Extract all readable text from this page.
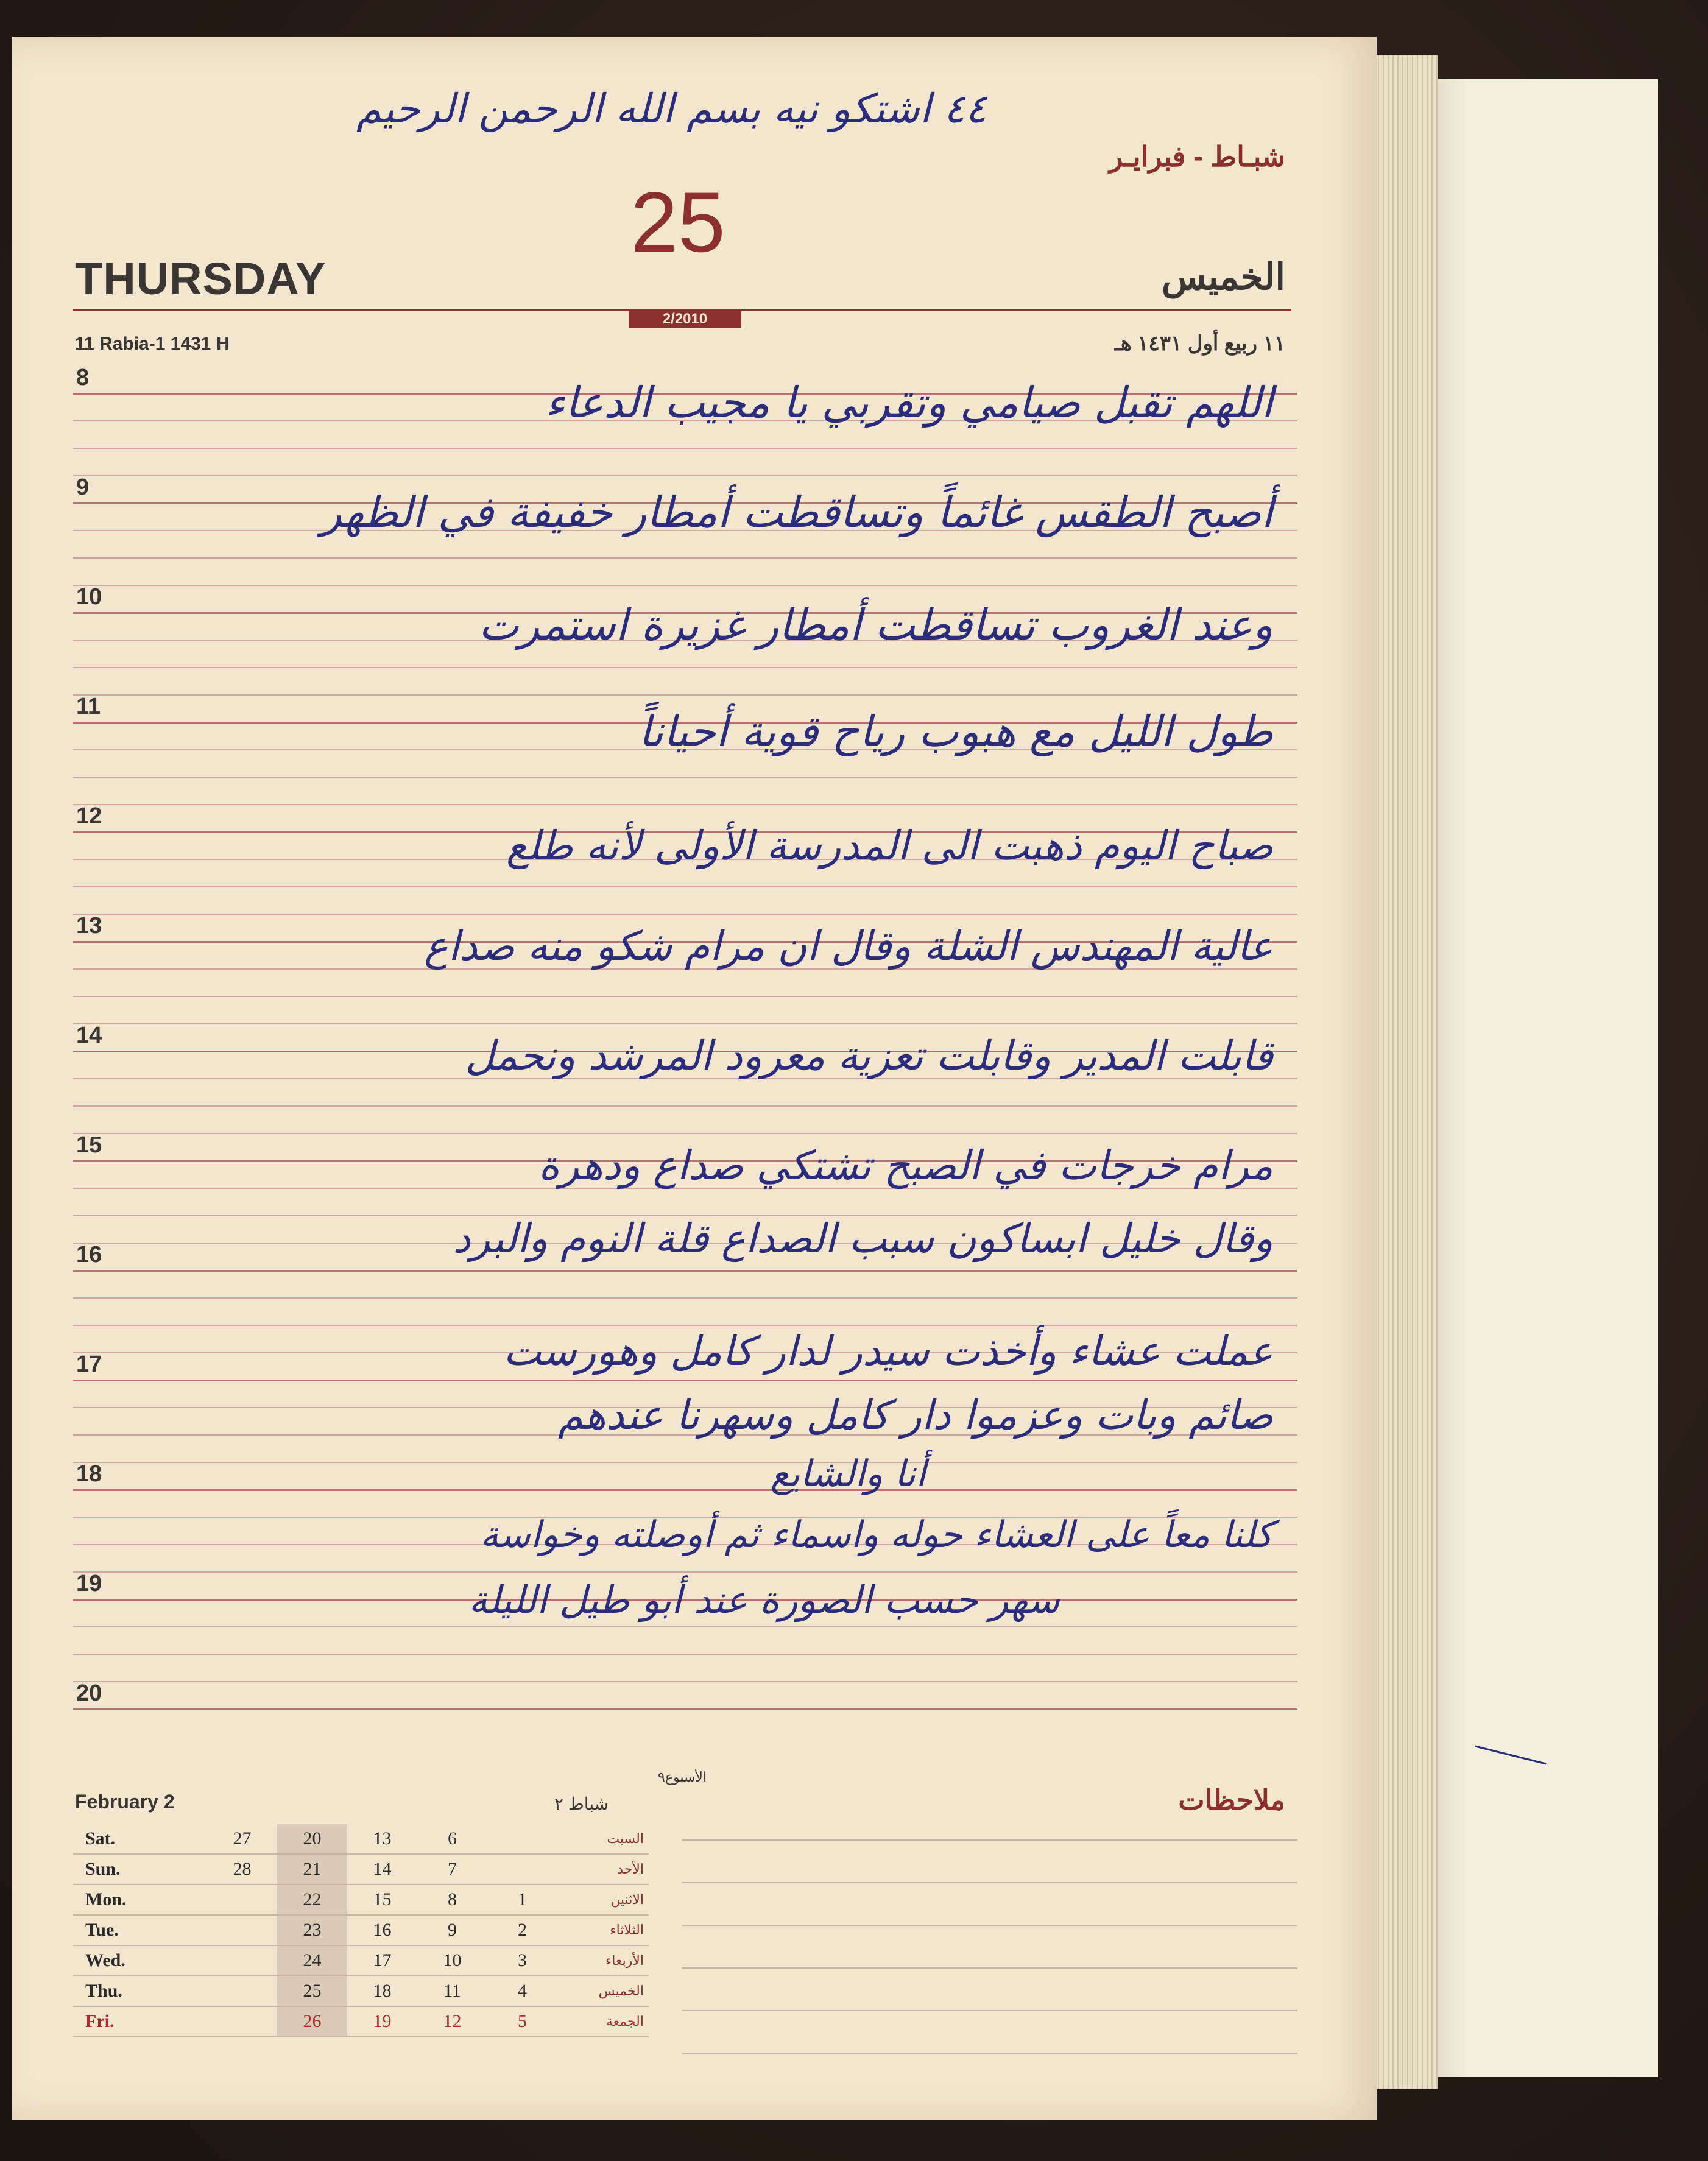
٤٤ اشتكو نيه بسم الله الرحمن الرحيم
شبـاط - فبرايـر
25
THURSDAY	الخميس
2/2010
11 Rabia-1 1431 H	١١ ربيع أول ١٤٣١ هـ
8
9
10
11
12
13
14
15
16
17
18
19
20
اللهم تقبل صيامي وتقربي يا مجيب الدعاء
أصبح الطقس غائماً وتساقطت أمطار خفيفة في الظهر
وعند الغروب تساقطت أمطار غزيرة استمرت
طول الليل مع هبوب رياح قوية أحياناً
صباح اليوم ذهبت الى المدرسة الأولى لأنه طلع
عالية المهندس الشلة وقال ان مرام شكو منه صداع
قابلت المدير وقابلت تعزية معرود المرشد ونحمل
مرام خرجات في الصبح تشتكي صداع ودهرة
وقال خليل ابساكون سبب الصداع قلة النوم والبرد
عملت عشاء وأخذت سيدر لدار كامل وهورست
صائم وبات وعزموا دار كامل وسهرنا عندهم
أنا والشايع
كلنا معاً على العشاء حوله واسماء ثم أوصلته وخواسة
سهر حسب الصورة عند أبو طيل الليلة
ملاحظات
February 2	شباط ٢
الأسبوع٩
Sat.	27	20	13	6		السبت
Sun.	28	21	14	7		الأحد
Mon.		22	15	8	1	الاثنين
Tue.		23	16	9	2	الثلاثاء
Wed.		24	17	10	3	الأربعاء
Thu.		25	18	11	4	الخميس
Fri.		26	19	12	5	الجمعة
